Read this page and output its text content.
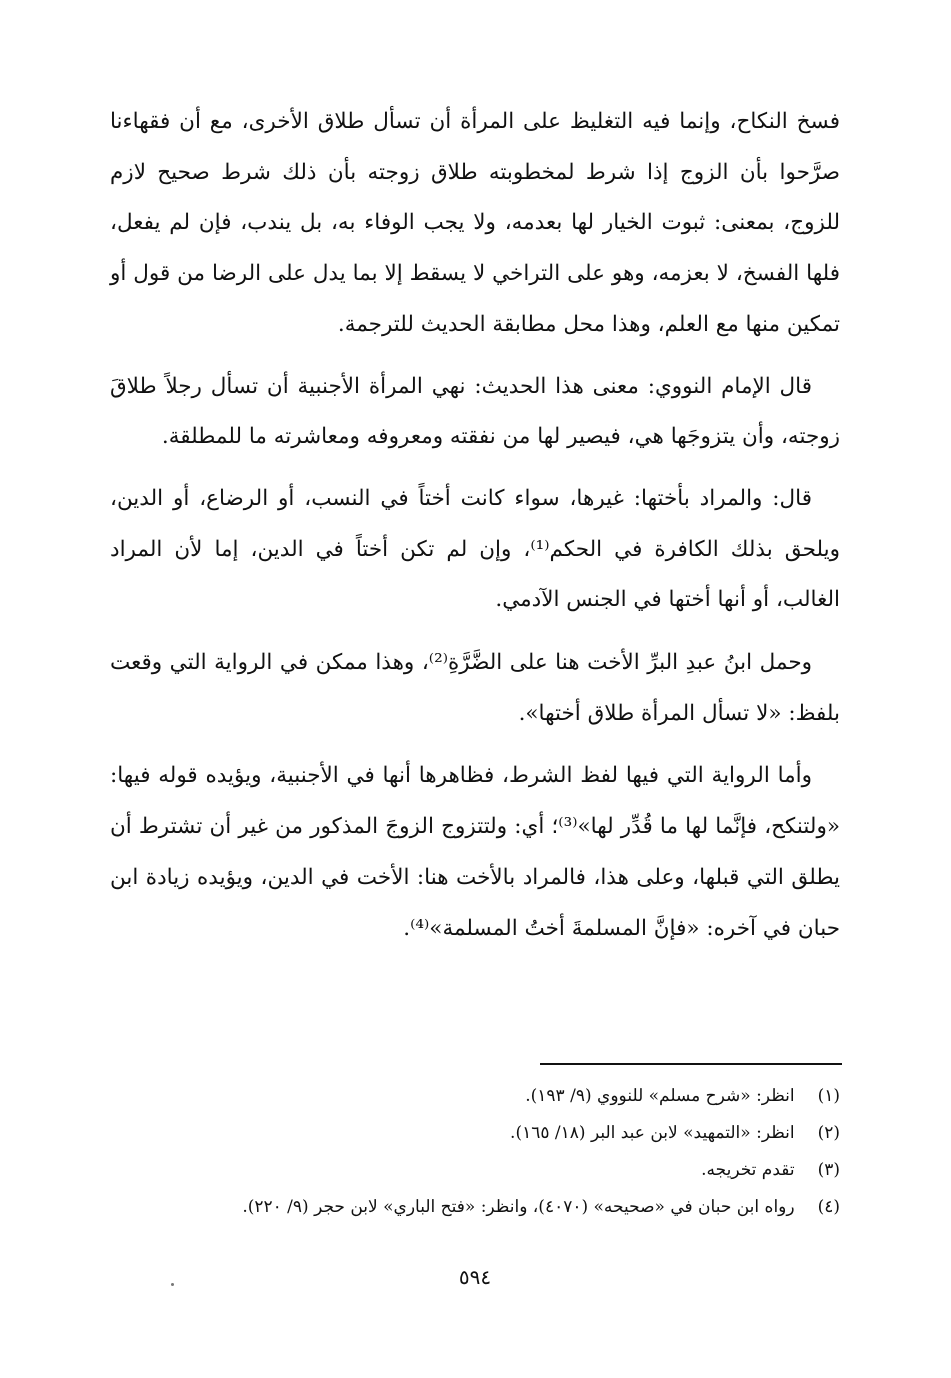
فسخ النكاح، وإنما فيه التغليظ على المرأة أن تسأل طلاق الأخرى، مع أن فقهاءنا صرَّحوا بأن الزوج إذا شرط لمخطوبته طلاق زوجته بأن ذلك شرط صحيح لازم للزوج، بمعنى: ثبوت الخيار لها بعدمه، ولا يجب الوفاء به، بل يندب، فإن لم يفعل، فلها الفسخ، لا بعزمه، وهو على التراخي لا يسقط إلا بما يدل على الرضا من قول أو تمكين منها مع العلم، وهذا محل مطابقة الحديث للترجمة.

قال الإمام النووي: معنى هذا الحديث: نهي المرأة الأجنبية أن تسأل رجلاً طلاقَ زوجته، وأن يتزوجَها هي، فيصير لها من نفقته ومعروفه ومعاشرته ما للمطلقة.

قال: والمراد بأختها: غيرها، سواء كانت أختاً في النسب، أو الرضاع، أو الدين، ويلحق بذلك الكافرة في الحكم⁽¹⁾، وإن لم تكن أختاً في الدين، إما لأن المراد الغالب، أو أنها أختها في الجنس الآدمي.

وحمل ابنُ عبدِ البرِّ الأخت هنا على الضَّرَّةِ⁽²⁾، وهذا ممكن في الرواية التي وقعت بلفظ: «لا تسأل المرأة طلاق أختها».

وأما الرواية التي فيها لفظ الشرط، فظاهرها أنها في الأجنبية، ويؤيده قوله فيها: «ولتنكح، فإنَّما لها ما قُدِّر لها»⁽³⁾؛ أي: ولتتزوج الزوجَ المذكور من غير أن تشترط أن يطلق التي قبلها، وعلى هذا، فالمراد بالأخت هنا: الأخت في الدين، ويؤيده زيادة ابن حبان في آخره: «فإنَّ المسلمةَ أختُ المسلمة»⁽⁴⁾.

(١) انظر: «شرح مسلم» للنووي (٩/ ١٩٣).
(٢) انظر: «التمهيد» لابن عبد البر (١٨/ ١٦٥).
(٣) تقدم تخريجه.
(٤) رواه ابن حبان في «صحيحه» (٤٠٧٠)، وانظر: «فتح الباري» لابن حجر (٩/ ٢٢٠).
٥٩٤
